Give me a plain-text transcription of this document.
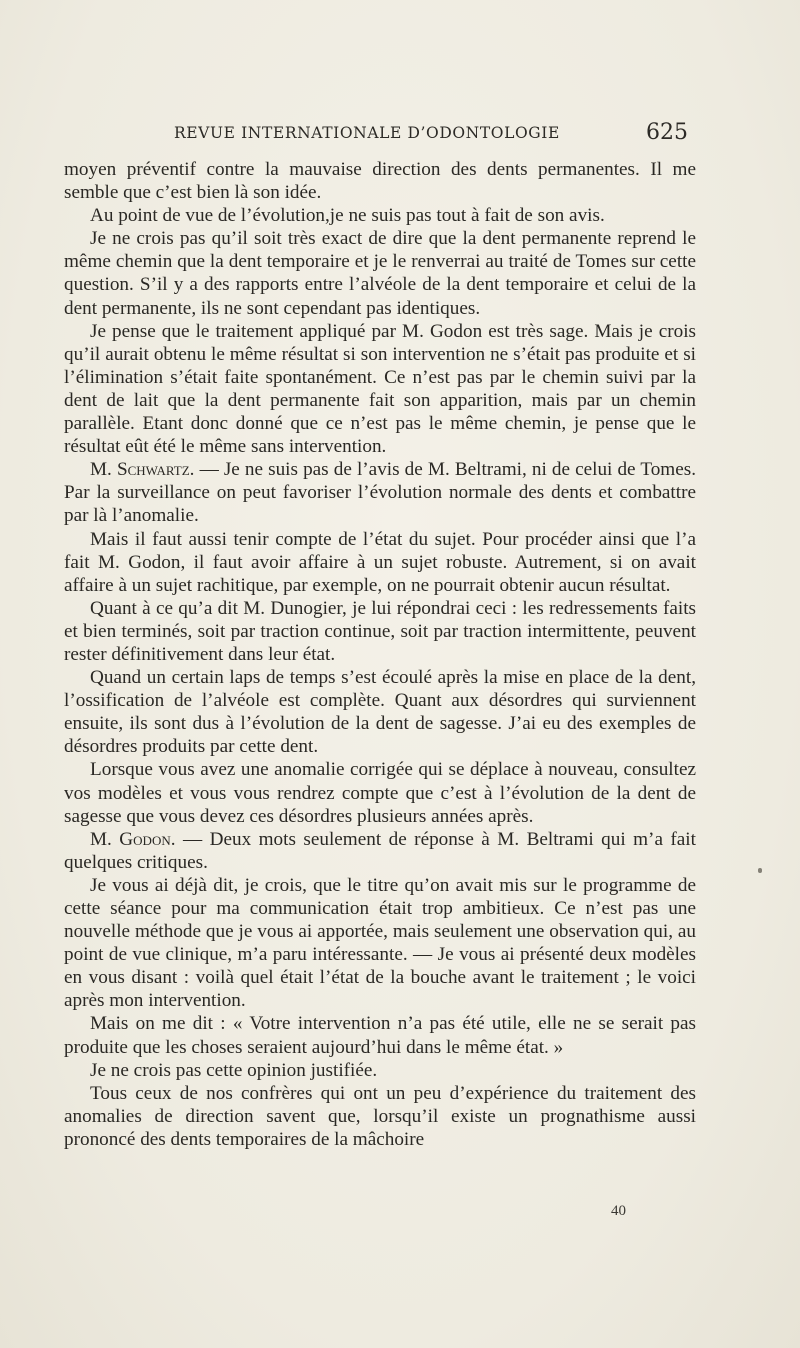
REVUE INTERNATIONALE D’ODONTOLOGIE	625

moyen préventif contre la mauvaise direction des dents permanentes. Il me semble que c’est bien là son idée.

Au point de vue de l’évolution,je ne suis pas tout à fait de son avis.

Je ne crois pas qu’il soit très exact de dire que la dent permanente reprend le même chemin que la dent temporaire et je le renverrai au traité de Tomes sur cette question. S’il y a des rapports entre l’alvéole de la dent temporaire et celui de la dent permanente, ils ne sont cependant pas identiques.

Je pense que le traitement appliqué par M. Godon est très sage. Mais je crois qu’il aurait obtenu le même résultat si son intervention ne s’était pas produite et si l’élimination s’était faite spontanément. Ce n’est pas par le chemin suivi par la dent de lait que la dent permanente fait son apparition, mais par un chemin parallèle. Etant donc donné que ce n’est pas le même chemin, je pense que le résultat eût été le même sans intervention.

M. Schwartz. — Je ne suis pas de l’avis de M. Beltrami, ni de celui de Tomes. Par la surveillance on peut favoriser l’évolution normale des dents et combattre par là l’anomalie.

Mais il faut aussi tenir compte de l’état du sujet. Pour procéder ainsi que l’a fait M. Godon, il faut avoir affaire à un sujet robuste. Autrement, si on avait affaire à un sujet rachitique, par exemple, on ne pourrait obtenir aucun résultat.

Quant à ce qu’a dit M. Dunogier, je lui répondrai ceci : les redressements faits et bien terminés, soit par traction continue, soit par traction intermittente, peuvent rester définitivement dans leur état.

Quand un certain laps de temps s’est écoulé après la mise en place de la dent, l’ossification de l’alvéole est complète. Quant aux désordres qui surviennent ensuite, ils sont dus à l’évolution de la dent de sagesse. J’ai eu des exemples de désordres produits par cette dent.

Lorsque vous avez une anomalie corrigée qui se déplace à nouveau, consultez vos modèles et vous vous rendrez compte que c’est à l’évolution de la dent de sagesse que vous devez ces désordres plusieurs années après.

M. Godon. — Deux mots seulement de réponse à M. Beltrami qui m’a fait quelques critiques.

Je vous ai déjà dit, je crois, que le titre qu’on avait mis sur le programme de cette séance pour ma communication était trop ambitieux. Ce n’est pas une nouvelle méthode que je vous ai apportée, mais seulement une observation qui, au point de vue clinique, m’a paru intéressante. — Je vous ai présenté deux modèles en vous disant : voilà quel était l’état de la bouche avant le traitement ; le voici après mon intervention.

Mais on me dit : « Votre intervention n’a pas été utile, elle ne se serait pas produite que les choses seraient aujourd’hui dans le même état. »

Je ne crois pas cette opinion justifiée.

Tous ceux de nos confrères qui ont un peu d’expérience du traitement des anomalies de direction savent que, lorsqu’il existe un prognathisme aussi prononcé des dents temporaires de la mâchoire

40
